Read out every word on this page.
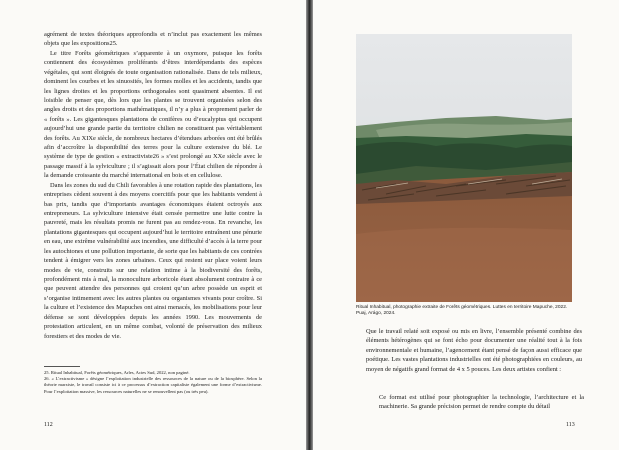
agrément de textes théoriques approfondis et n’inclut pas exactement les mêmes objets que les expositions25.

Le titre Forêts géométriques s’apparente à un oxymore, puisque les forêts contiennent des écosystèmes proliférants d’êtres interdépendants des espèces végétales, qui sont éloignés de toute organisation rationalisée. Dans de tels milieux, dominent les courbes et les sinuosités, les formes molles et les accidents, tandis que les lignes droites et les proportions orthogonales sont quasiment absentes. Il est loisible de penser que, dès lors que les plantes se trouvent organisées selon des angles droits et des proportions mathématiques, il n’y a plus à proprement parler de « forêts ». Les gigantesques plantations de conifères ou d’eucalyptus qui occupent aujourd’hui une grande partie du territoire chilien ne constituent pas véritablement des forêts. Au XIXe siècle, de nombreux hectares d’étendues arborées ont été brûlés afin d’accroître la disponibilité des terres pour la culture extensive du blé. Le système de type de gestion « extractiviste26 » s’est prolongé au XXe siècle avec le passage massif à la sylviculture ; il s’agissait alors pour l’État chilien de répondre à la demande croissante du marché international en bois et en cellulose.

Dans les zones du sud du Chili favorables à une rotation rapide des plantations, les entreprises cèdent souvent à des moyens coercitifs pour que les habitants vendent à bas prix, tandis que d’importants avantages économiques étaient octroyés aux entrepreneurs. La sylviculture intensive était censée permettre une lutte contre la pauvreté, mais les résultats promis ne furent pas au rendez-vous. En revanche, les plantations gigantesques qui occupent aujourd’hui le territoire entraînent une pénurie en eau, une extrême vulnérabilité aux incendies, une difficulté d’accès à la terre pour les autochtones et une pollution importante, de sorte que les habitants de ces contrées tendent à émigrer vers les zones urbaines. Ceux qui restent sur place voient leurs modes de vie, construits sur une relation intime à la biodiversité des forêts, profondément mis à mal, la monoculture arboricole étant absolument contraire à ce que peuvent attendre des personnes qui croient qu’un arbre possède un esprit et s’organise intimement avec les autres plantes ou organismes vivants pour croître. Si la culture et l’existence des Mapuches ont ainsi menacés, les mobilisations pour leur défense se sont développées depuis les années 1990. Les mouvements de protestation articulent, en un même combat, volonté de préservation des milieux forestiers et des modes de vie.

25. Ritual Inhabitual, Forêts géométriques, Arles, Actes Sud, 2022, non paginé.

26. « L’extractivisme » désigne l’exploitation industrielle des ressources de la nature ou de la biosphère. Selon la théorie marxiste, le travail consiste ici à ce processus d’extraction capitaliste également une forme d’extractivisme. Pour l’exploitation massive, les ressources naturelles ne se renouvellent pas (ou très peu).

112
Ritual Inhabitual, photographie extraite de Forêts géométriques. Luttes en territoire Mapuche, 2022. Puaj, Arágo, 2024.

Que le travail relaté soit exposé ou mis en livre, l’ensemble présenté combine des éléments hétérogènes qui se font écho pour documenter une réalité tout à la fois environnementale et humaine, l’agencement étant pensé de façon aussi efficace que poétique. Les vastes plantations industrielles ont été photographiées en couleurs, au moyen de négatifs grand format de 4 x 5 pouces. Les deux artistes confient :

Ce format est utilisé pour photographier la technologie, l’architecture et la machinerie. Sa grande précision permet de rendre compte du détail

113
